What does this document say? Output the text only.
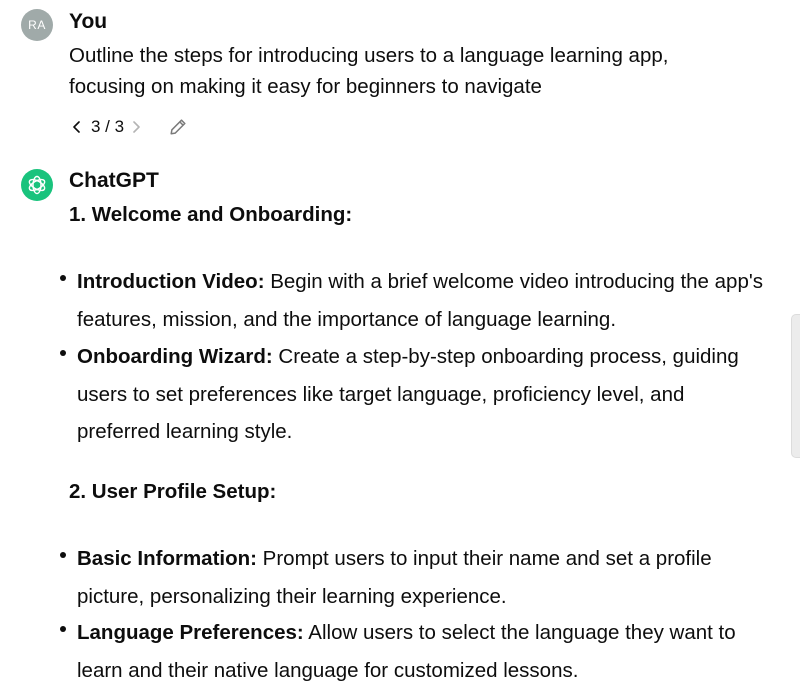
RA You
Outline the steps for introducing users to a language learning app, focusing on making it easy for beginners to navigate
3 / 3
ChatGPT
1. Welcome and Onboarding:
Introduction Video: Begin with a brief welcome video introducing the app's features, mission, and the importance of language learning.
Onboarding Wizard: Create a step-by-step onboarding process, guiding users to set preferences like target language, proficiency level, and preferred learning style.
2. User Profile Setup:
Basic Information: Prompt users to input their name and set a profile picture, personalizing their learning experience.
Language Preferences: Allow users to select the language they want to learn and their native language for customized lessons.
